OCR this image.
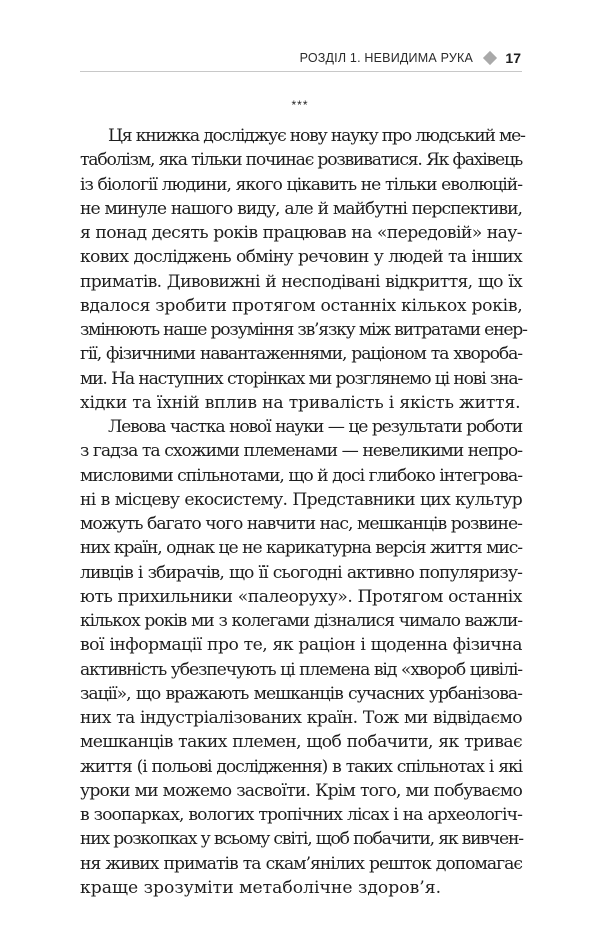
РОЗДІЛ 1. НЕВИДИМА РУКА 17
***
Ця книжка досліджує нову науку про людський ме-
таболізм, яка тільки починає розвиватися. Як фахівець
із біології людини, якого цікавить не тільки еволюцій-
не минуле нашого виду, але й майбутні перспективи,
я понад десять років працював на «передовій» нау-
кових досліджень обміну речовин у людей та інших
приматів. Дивовижні й несподівані відкриття, що їх
вдалося зробити протягом останніх кількох років,
змінюють наше розуміння зв’язку між витратами енер-
гії, фізичними навантаженнями, раціоном та хвороба-
ми. На наступних сторінках ми розглянемо ці нові зна-
хідки та їхній вплив на тривалість і якість життя.
Левова частка нової науки — це результати роботи
з гадза та схожими племенами — невеликими непро-
мисловими спільнотами, що й досі глибоко інтегрова-
ні в місцеву екосистему. Представники цих культур
можуть багато чого навчити нас, мешканців розвине-
них країн, однак це не карикатурна версія життя мис-
ливців і збирачів, що її сьогодні активно популяризу-
ють прихильники «палеоруху». Протягом останніх
кількох років ми з колегами дізналися чимало важли-
вої інформації про те, як раціон і щоденна фізична
активність убезпечують ці племена від «хвороб цивілі-
зації», що вражають мешканців сучасних урбанізова-
них та індустріалізованих країн. Тож ми відвідаємо
мешканців таких племен, щоб побачити, як триває
життя (і польові дослідження) в таких спільнотах і які
уроки ми можемо засвоїти. Крім того, ми побуваємо
в зоопарках, вологих тропічних лісах і на археологіч-
них розкопках у всьому світі, щоб побачити, як вивчен-
ня живих приматів та скам’янілих решток допомагає
краще зрозуміти метаболічне здоров’я.
